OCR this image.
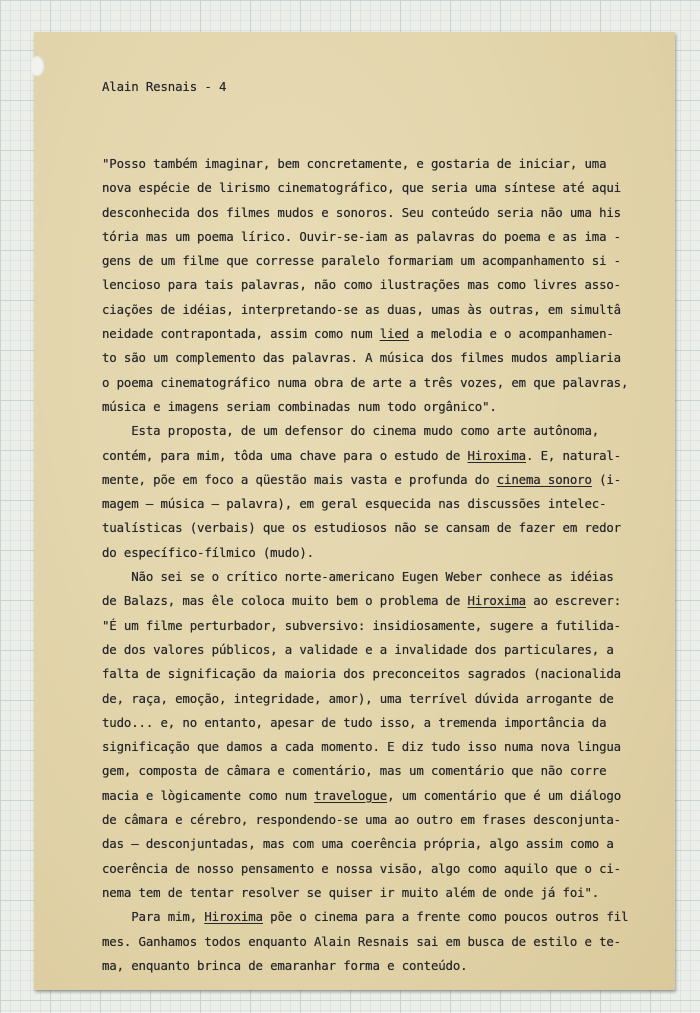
Alain Resnais - 4

"Posso também imaginar, bem concretamente, e gostaria de iniciar, uma
nova espécie de lirismo cinematográfico, que seria uma síntese até aqui
desconhecida dos filmes mudos e sonoros. Seu conteúdo seria não uma his
tória mas um poema lírico. Ouvir-se-iam as palavras do poema e as ima -
gens de um filme que corresse paralelo formariam um acompanhamento si -
lencioso para tais palavras, não como ilustrações mas como livres asso-
ciações de idéias, interpretando-se as duas, umas às outras, em simultâ
neidade contrapontada, assim como num lied a melodia e o acompanhamen-
to são um complemento das palavras. A música dos filmes mudos ampliaria
o poema cinematográfico numa obra de arte a três vozes, em que palavras,
música e imagens seriam combinadas num todo orgânico".
Esta proposta, de um defensor do cinema mudo como arte autônoma,
contém, para mim, tôda uma chave para o estudo de Hiroxima. E, natural-
mente, põe em foco a qüestão mais vasta e profunda do cinema sonoro (i-
magem — música — palavra), em geral esquecida nas discussões intelec-
tualísticas (verbais) que os estudiosos não se cansam de fazer em redor
do específico-fílmico (mudo).
Não sei se o crítico norte-americano Eugen Weber conhece as idéias
de Balazs, mas êle coloca muito bem o problema de Hiroxima ao escrever:
"É um filme perturbador, subversivo: insidiosamente, sugere a futilida-
de dos valores públicos, a validade e a invalidade dos particulares, a
falta de significação da maioria dos preconceitos sagrados (nacionalida
de, raça, emoção, integridade, amor), uma terrível dúvida arrogante de
tudo... e, no entanto, apesar de tudo isso, a tremenda importância da
significação que damos a cada momento. E diz tudo isso numa nova lingua
gem, composta de câmara e comentário, mas um comentário que não corre
macia e lògicamente como num travelogue, um comentário que é um diálogo
de câmara e cérebro, respondendo-se uma ao outro em frases desconjunta-
das — desconjuntadas, mas com uma coerência própria, algo assim como a
coerência de nosso pensamento e nossa visão, algo como aquilo que o ci-
nema tem de tentar resolver se quiser ir muito além de onde já foi".
Para mim, Hiroxima põe o cinema para a frente como poucos outros fil
mes. Ganhamos todos enquanto Alain Resnais sai em busca de estilo e te-
ma, enquanto brinca de emaranhar forma e conteúdo.
